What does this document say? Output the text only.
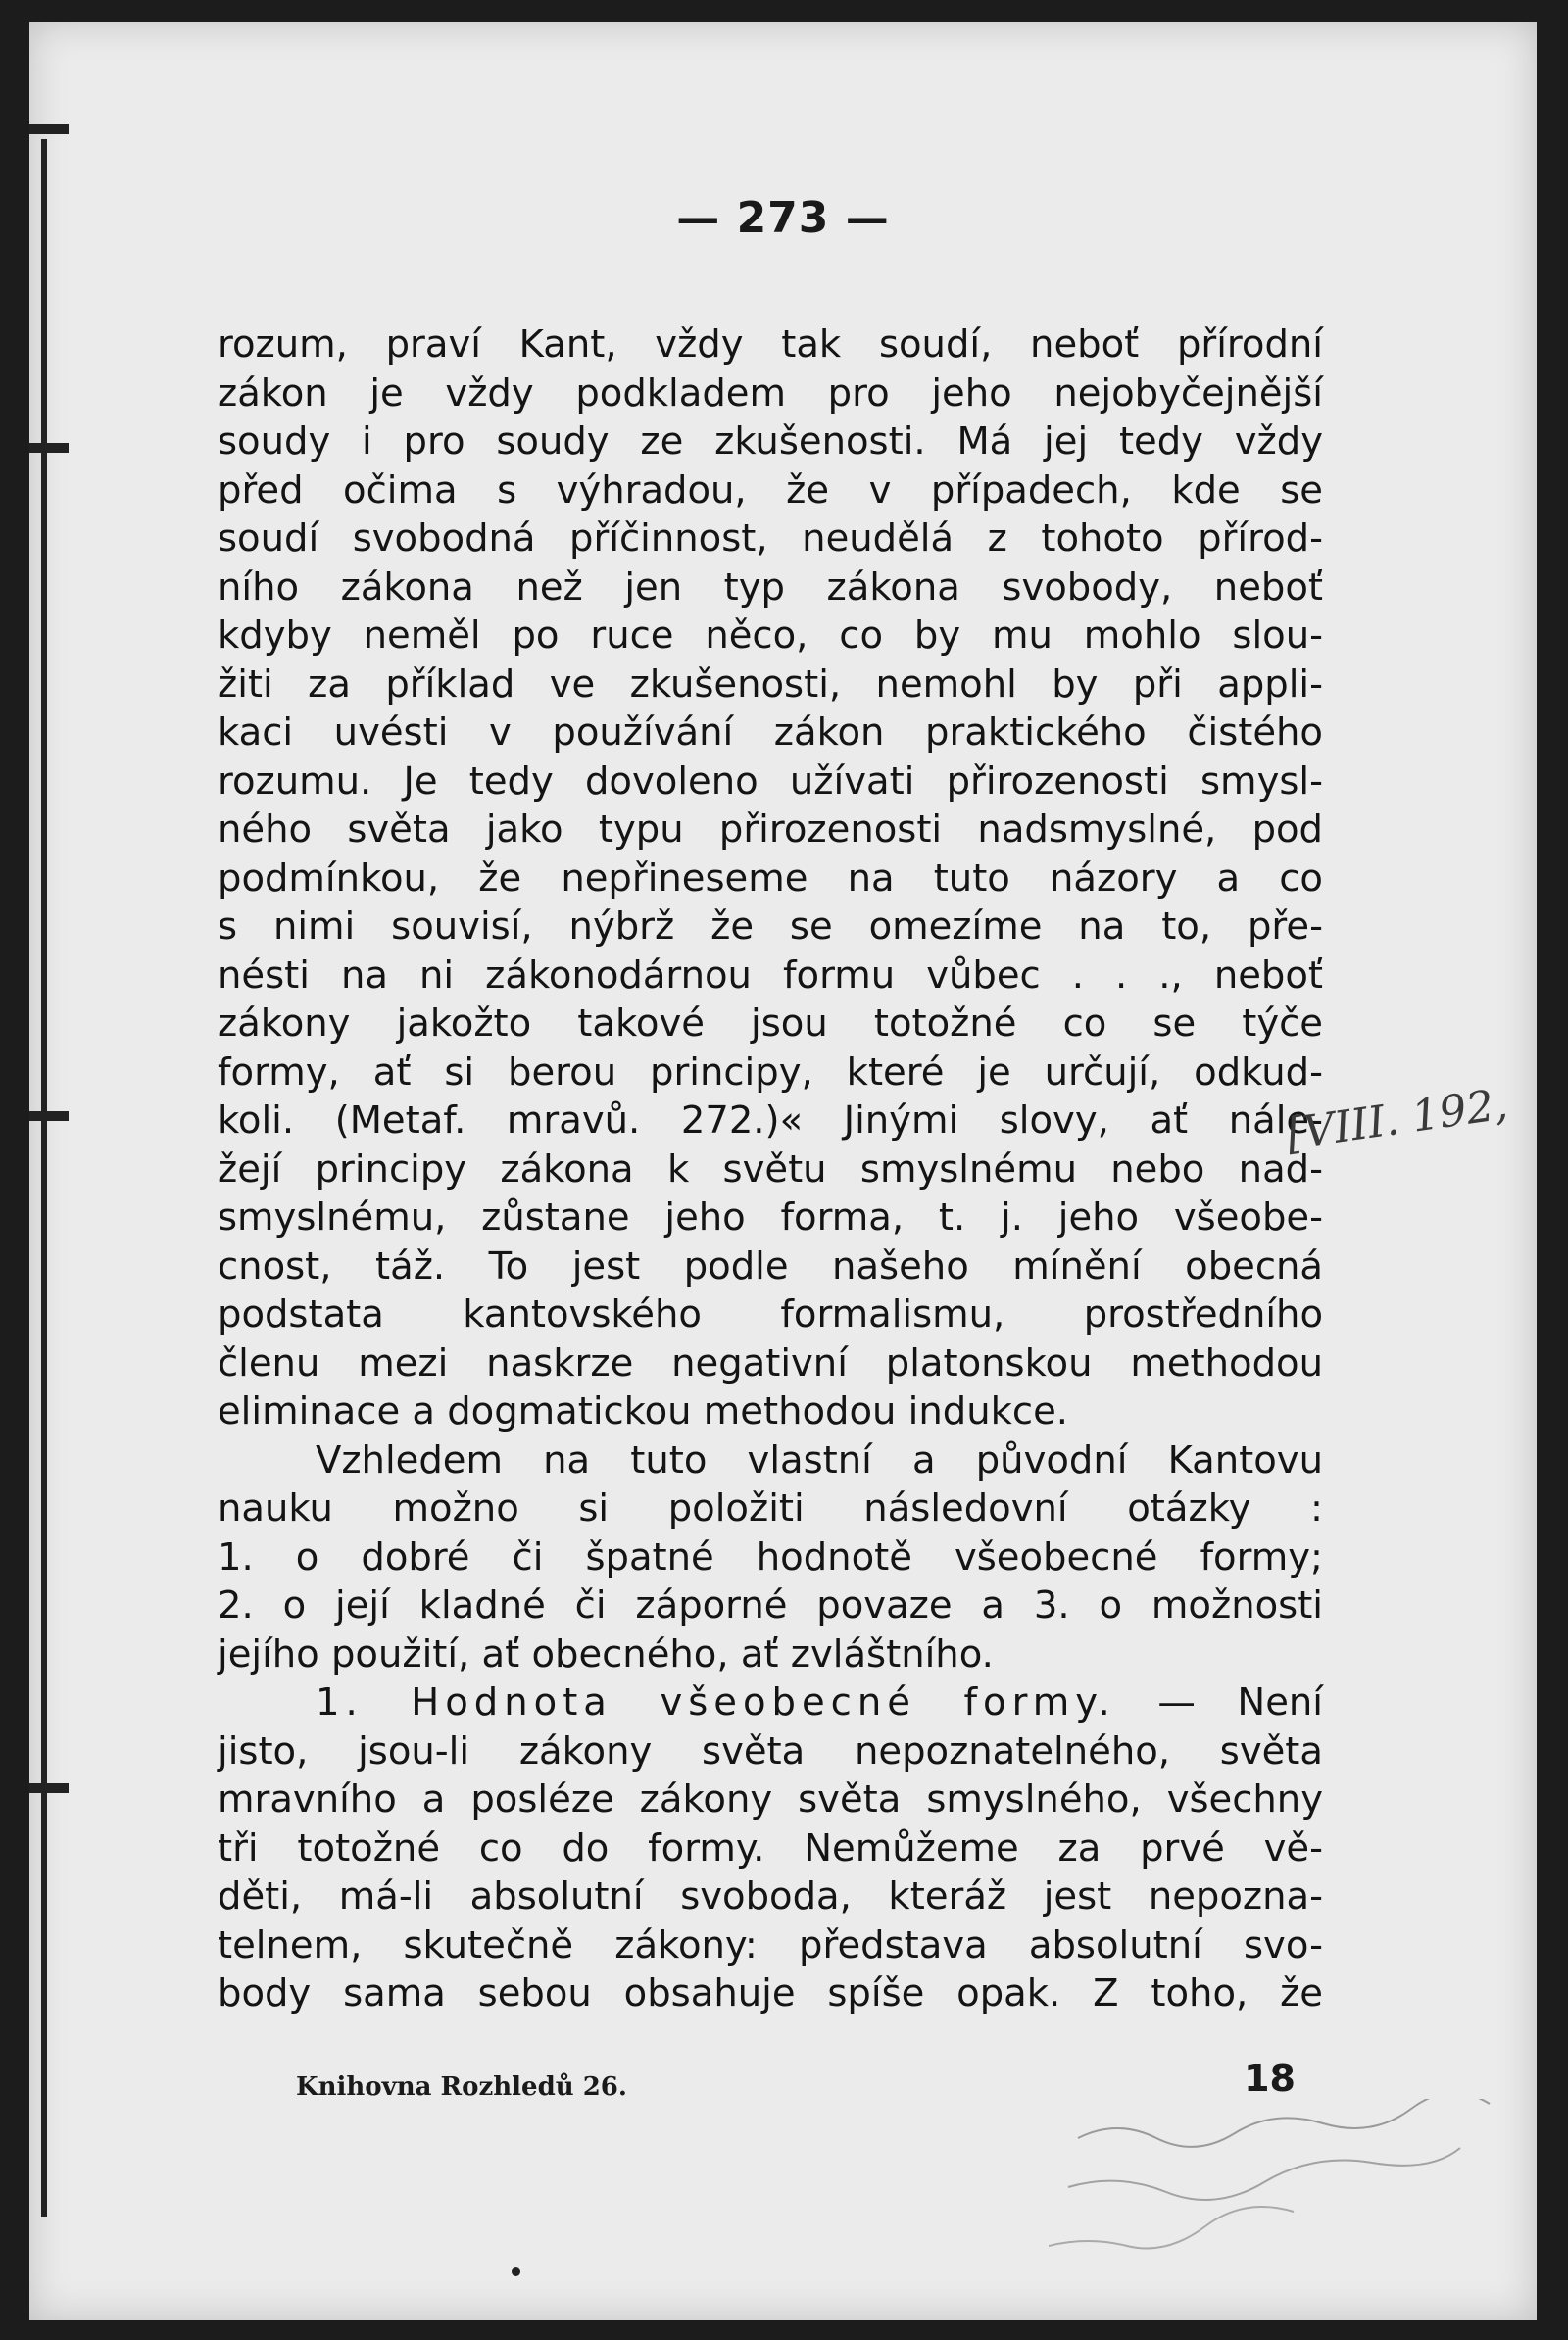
— 273 —
rozum, praví Kant, vždy tak soudí, neboť přírodní
zákon je vždy podkladem pro jeho nejobyčejnější
soudy i pro soudy ze zkušenosti. Má jej tedy vždy
před očima s výhradou, že v případech, kde se
soudí svobodná příčinnost, neudělá z tohoto přírod-
ního zákona než jen typ zákona svobody, neboť
kdyby neměl po ruce něco, co by mu mohlo slou-
žiti za příklad ve zkušenosti, nemohl by při appli-
kaci uvésti v používání zákon praktického čistého
rozumu. Je tedy dovoleno užívati přirozenosti smysl-
ného světa jako typu přirozenosti nadsmyslné, pod
podmínkou, že nepřineseme na tuto názory a co
s nimi souvisí, nýbrž že se omezíme na to, pře-
nésti na ni zákonodárnou formu vůbec . . ., neboť
zákony jakožto takové jsou totožné co se týče
formy, ať si berou principy, které je určují, odkud-
koli. (Metaf. mravů. 272.)« Jinými slovy, ať nále-
žejí principy zákona k světu smyslnému nebo nad-
smyslnému, zůstane jeho forma, t. j. jeho všeobe-
cnost, táž. To jest podle našeho mínění obecná
podstata kantovského formalismu, prostředního
členu mezi naskrze negativní platonskou methodou
eliminace a dogmatickou methodou indukce.
Vzhledem na tuto vlastní a původní Kantovu
nauku možno si položiti následovní otázky :
1. o dobré či špatné hodnotě všeobecné formy;
2. o její kladné či záporné povaze a 3. o možnosti
jejího použití, ať obecného, ať zvláštního.
1. Hodnota všeobecné formy. — Není
jisto, jsou-li zákony světa nepoznatelného, světa
mravního a posléze zákony světa smyslného, všechny
tři totožné co do formy. Nemůžeme za prvé vě-
děti, má-li absolutní svoboda, kteráž jest nepozna-
telnem, skutečně zákony: představa absolutní svo-
body sama sebou obsahuje spíše opak. Z toho, že
Knihovna Rozhledů 26.	18
[VIII. 192,
